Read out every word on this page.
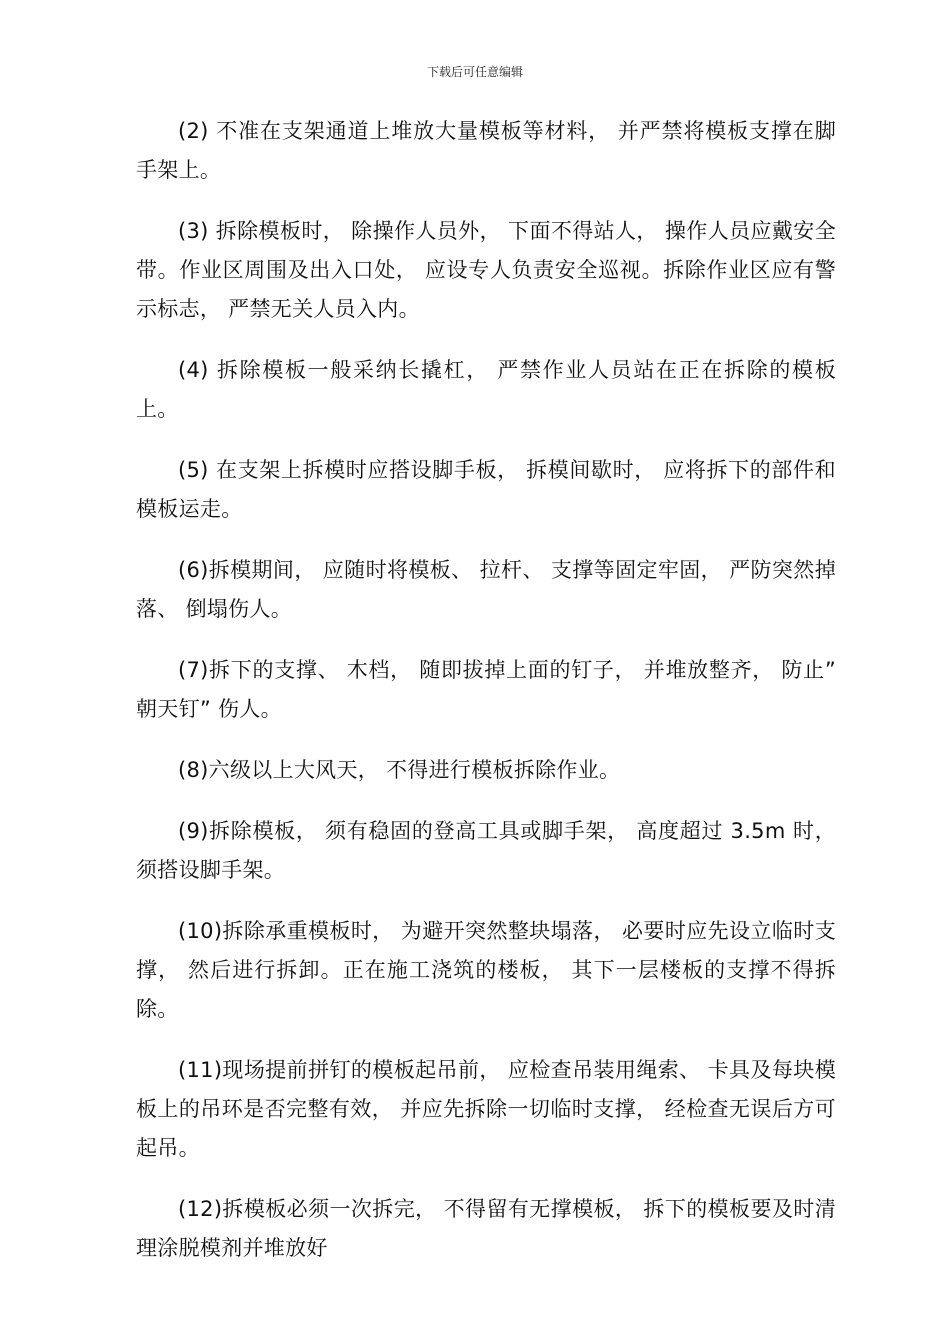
下载后可任意编辑

(2) 不准在支架通道上堆放大量模板等材料， 并严禁将模板支撑在脚手架上。

(3) 拆除模板时， 除操作人员外， 下面不得站人， 操作人员应戴安全带。作业区周围及出入口处， 应设专人负责安全巡视。拆除作业区应有警示标志， 严禁无关人员入内。

(4) 拆除模板一般采纳长撬杠， 严禁作业人员站在正在拆除的模板上。

(5) 在支架上拆模时应搭设脚手板， 拆模间歇时， 应将拆下的部件和模板运走。

(6)拆模期间， 应随时将模板、 拉杆、 支撑等固定牢固， 严防突然掉落、 倒塌伤人。

(7)拆下的支撑、 木档， 随即拔掉上面的钉子， 并堆放整齐， 防止” 朝天钉” 伤人。

(8)六级以上大风天， 不得进行模板拆除作业。

(9)拆除模板， 须有稳固的登高工具或脚手架， 高度超过 3.5m 时， 须搭设脚手架。

(10)拆除承重模板时， 为避开突然整块塌落， 必要时应先设立临时支撑， 然后进行拆卸。正在施工浇筑的楼板， 其下一层楼板的支撑不得拆除。

(11)现场提前拼钉的模板起吊前， 应检查吊装用绳索、 卡具及每块模板上的吊环是否完整有效， 并应先拆除一切临时支撑， 经检查无误后方可起吊。

(12)拆模板必须一次拆完， 不得留有无撑模板， 拆下的模板要及时清理涂脱模剂并堆放好
